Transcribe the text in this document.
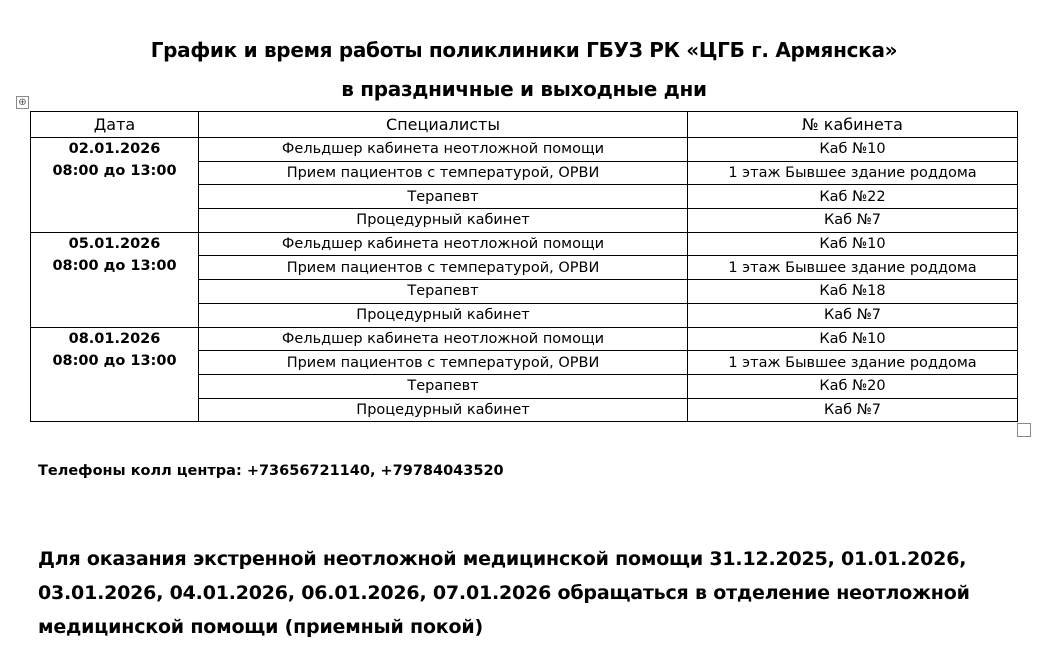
График и время работы поликлиники ГБУЗ РК «ЦГБ г. Армянска»
в праздничные и выходные дни
⊕
Дата	Специалисты	№ кабинета

02.01.2026
08:00 до 13:00	Фельдшер кабинета неотложной помощи	Каб №10
	Прием пациентов с температурой, ОРВИ	1 этаж Бывшее здание роддома
	Терапевт	Каб №22
	Процедурный кабинет	Каб №7

05.01.2026
08:00 до 13:00	Фельдшер кабинета неотложной помощи	Каб №10
	Прием пациентов с температурой, ОРВИ	1 этаж Бывшее здание роддома
	Терапевт	Каб №18
	Процедурный кабинет	Каб №7

08.01.2026
08:00 до 13:00	Фельдшер кабинета неотложной помощи	Каб №10
	Прием пациентов с температурой, ОРВИ	1 этаж Бывшее здание роддома
	Терапевт	Каб №20
	Процедурный кабинет	Каб №7
Телефоны колл центра: +73656721140, +79784043520
Для оказания экстренной неотложной медицинской помощи 31.12.2025, 01.01.2026,
03.01.2026, 04.01.2026, 06.01.2026, 07.01.2026 обращаться в отделение неотложной
медицинской помощи (приемный покой)
